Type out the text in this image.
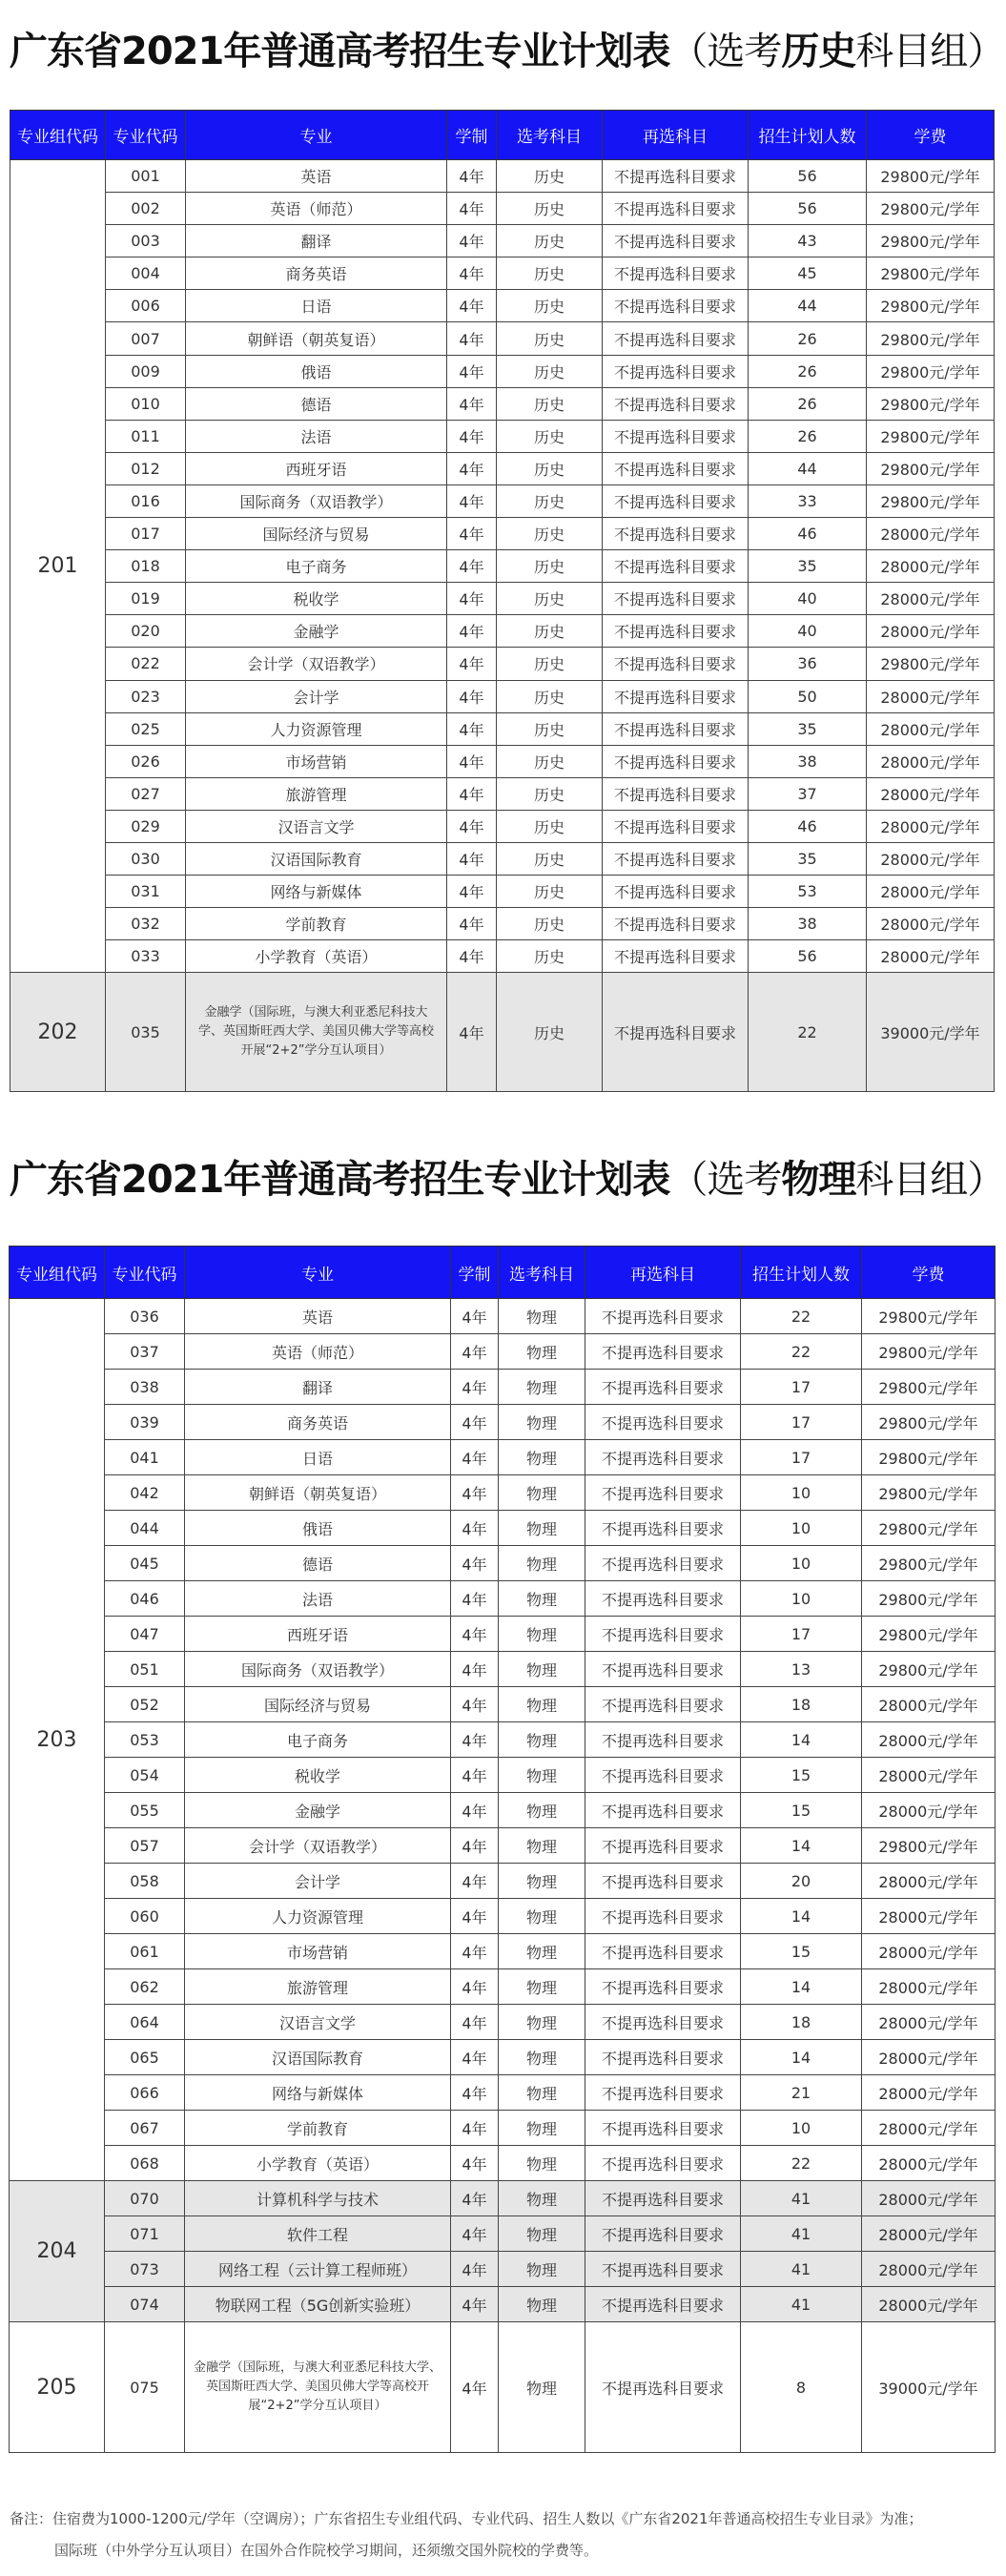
广东省2021年普通高考招生专业计划表（选考历史科目组）
专业组代码	专业代码	专业	学制	选考科目	再选科目	招生计划人数	学费
201	001	英语	4年	历史	不提再选科目要求	56	29800元/学年
	002	英语（师范）	4年	历史	不提再选科目要求	56	29800元/学年
	003	翻译	4年	历史	不提再选科目要求	43	29800元/学年
	004	商务英语	4年	历史	不提再选科目要求	45	29800元/学年
	006	日语	4年	历史	不提再选科目要求	44	29800元/学年
	007	朝鲜语（朝英复语）	4年	历史	不提再选科目要求	26	29800元/学年
	009	俄语	4年	历史	不提再选科目要求	26	29800元/学年
	010	德语	4年	历史	不提再选科目要求	26	29800元/学年
	011	法语	4年	历史	不提再选科目要求	26	29800元/学年
	012	西班牙语	4年	历史	不提再选科目要求	44	29800元/学年
	016	国际商务（双语教学）	4年	历史	不提再选科目要求	33	29800元/学年
	017	国际经济与贸易	4年	历史	不提再选科目要求	46	28000元/学年
	018	电子商务	4年	历史	不提再选科目要求	35	28000元/学年
	019	税收学	4年	历史	不提再选科目要求	40	28000元/学年
	020	金融学	4年	历史	不提再选科目要求	40	28000元/学年
	022	会计学（双语教学）	4年	历史	不提再选科目要求	36	29800元/学年
	023	会计学	4年	历史	不提再选科目要求	50	28000元/学年
	025	人力资源管理	4年	历史	不提再选科目要求	35	28000元/学年
	026	市场营销	4年	历史	不提再选科目要求	38	28000元/学年
	027	旅游管理	4年	历史	不提再选科目要求	37	28000元/学年
	029	汉语言文学	4年	历史	不提再选科目要求	46	28000元/学年
	030	汉语国际教育	4年	历史	不提再选科目要求	35	28000元/学年
	031	网络与新媒体	4年	历史	不提再选科目要求	53	28000元/学年
	032	学前教育	4年	历史	不提再选科目要求	38	28000元/学年
	033	小学教育（英语）	4年	历史	不提再选科目要求	56	28000元/学年
202	035	金融学（国际班，与澳大利亚悉尼科技大学、英国斯旺西大学、美国贝佛大学等高校开展“2+2”学分互认项目）	4年	历史	不提再选科目要求	22	39000元/学年
广东省2021年普通高考招生专业计划表（选考物理科目组）
专业组代码	专业代码	专业	学制	选考科目	再选科目	招生计划人数	学费
203	036	英语	4年	物理	不提再选科目要求	22	29800元/学年
	037	英语（师范）	4年	物理	不提再选科目要求	22	29800元/学年
	038	翻译	4年	物理	不提再选科目要求	17	29800元/学年
	039	商务英语	4年	物理	不提再选科目要求	17	29800元/学年
	041	日语	4年	物理	不提再选科目要求	17	29800元/学年
	042	朝鲜语（朝英复语）	4年	物理	不提再选科目要求	10	29800元/学年
	044	俄语	4年	物理	不提再选科目要求	10	29800元/学年
	045	德语	4年	物理	不提再选科目要求	10	29800元/学年
	046	法语	4年	物理	不提再选科目要求	10	29800元/学年
	047	西班牙语	4年	物理	不提再选科目要求	17	29800元/学年
	051	国际商务（双语教学）	4年	物理	不提再选科目要求	13	29800元/学年
	052	国际经济与贸易	4年	物理	不提再选科目要求	18	28000元/学年
	053	电子商务	4年	物理	不提再选科目要求	14	28000元/学年
	054	税收学	4年	物理	不提再选科目要求	15	28000元/学年
	055	金融学	4年	物理	不提再选科目要求	15	28000元/学年
	057	会计学（双语教学）	4年	物理	不提再选科目要求	14	29800元/学年
	058	会计学	4年	物理	不提再选科目要求	20	28000元/学年
	060	人力资源管理	4年	物理	不提再选科目要求	14	28000元/学年
	061	市场营销	4年	物理	不提再选科目要求	15	28000元/学年
	062	旅游管理	4年	物理	不提再选科目要求	14	28000元/学年
	064	汉语言文学	4年	物理	不提再选科目要求	18	28000元/学年
	065	汉语国际教育	4年	物理	不提再选科目要求	14	28000元/学年
	066	网络与新媒体	4年	物理	不提再选科目要求	21	28000元/学年
	067	学前教育	4年	物理	不提再选科目要求	10	28000元/学年
	068	小学教育（英语）	4年	物理	不提再选科目要求	22	28000元/学年
204	070	计算机科学与技术	4年	物理	不提再选科目要求	41	28000元/学年
	071	软件工程	4年	物理	不提再选科目要求	41	28000元/学年
	073	网络工程（云计算工程师班）	4年	物理	不提再选科目要求	41	28000元/学年
	074	物联网工程（5G创新实验班）	4年	物理	不提再选科目要求	41	28000元/学年
205	075	金融学（国际班，与澳大利亚悉尼科技大学、英国斯旺西大学、美国贝佛大学等高校开展“2+2”学分互认项目）	4年	物理	不提再选科目要求	8	39000元/学年
备注：住宿费为1000-1200元/学年（空调房）；广东省招生专业组代码、专业代码、招生人数以《广东省2021年普通高校招生专业目录》为准；
国际班（中外学分互认项目）在国外合作院校学习期间，还须缴交国外院校的学费等。
